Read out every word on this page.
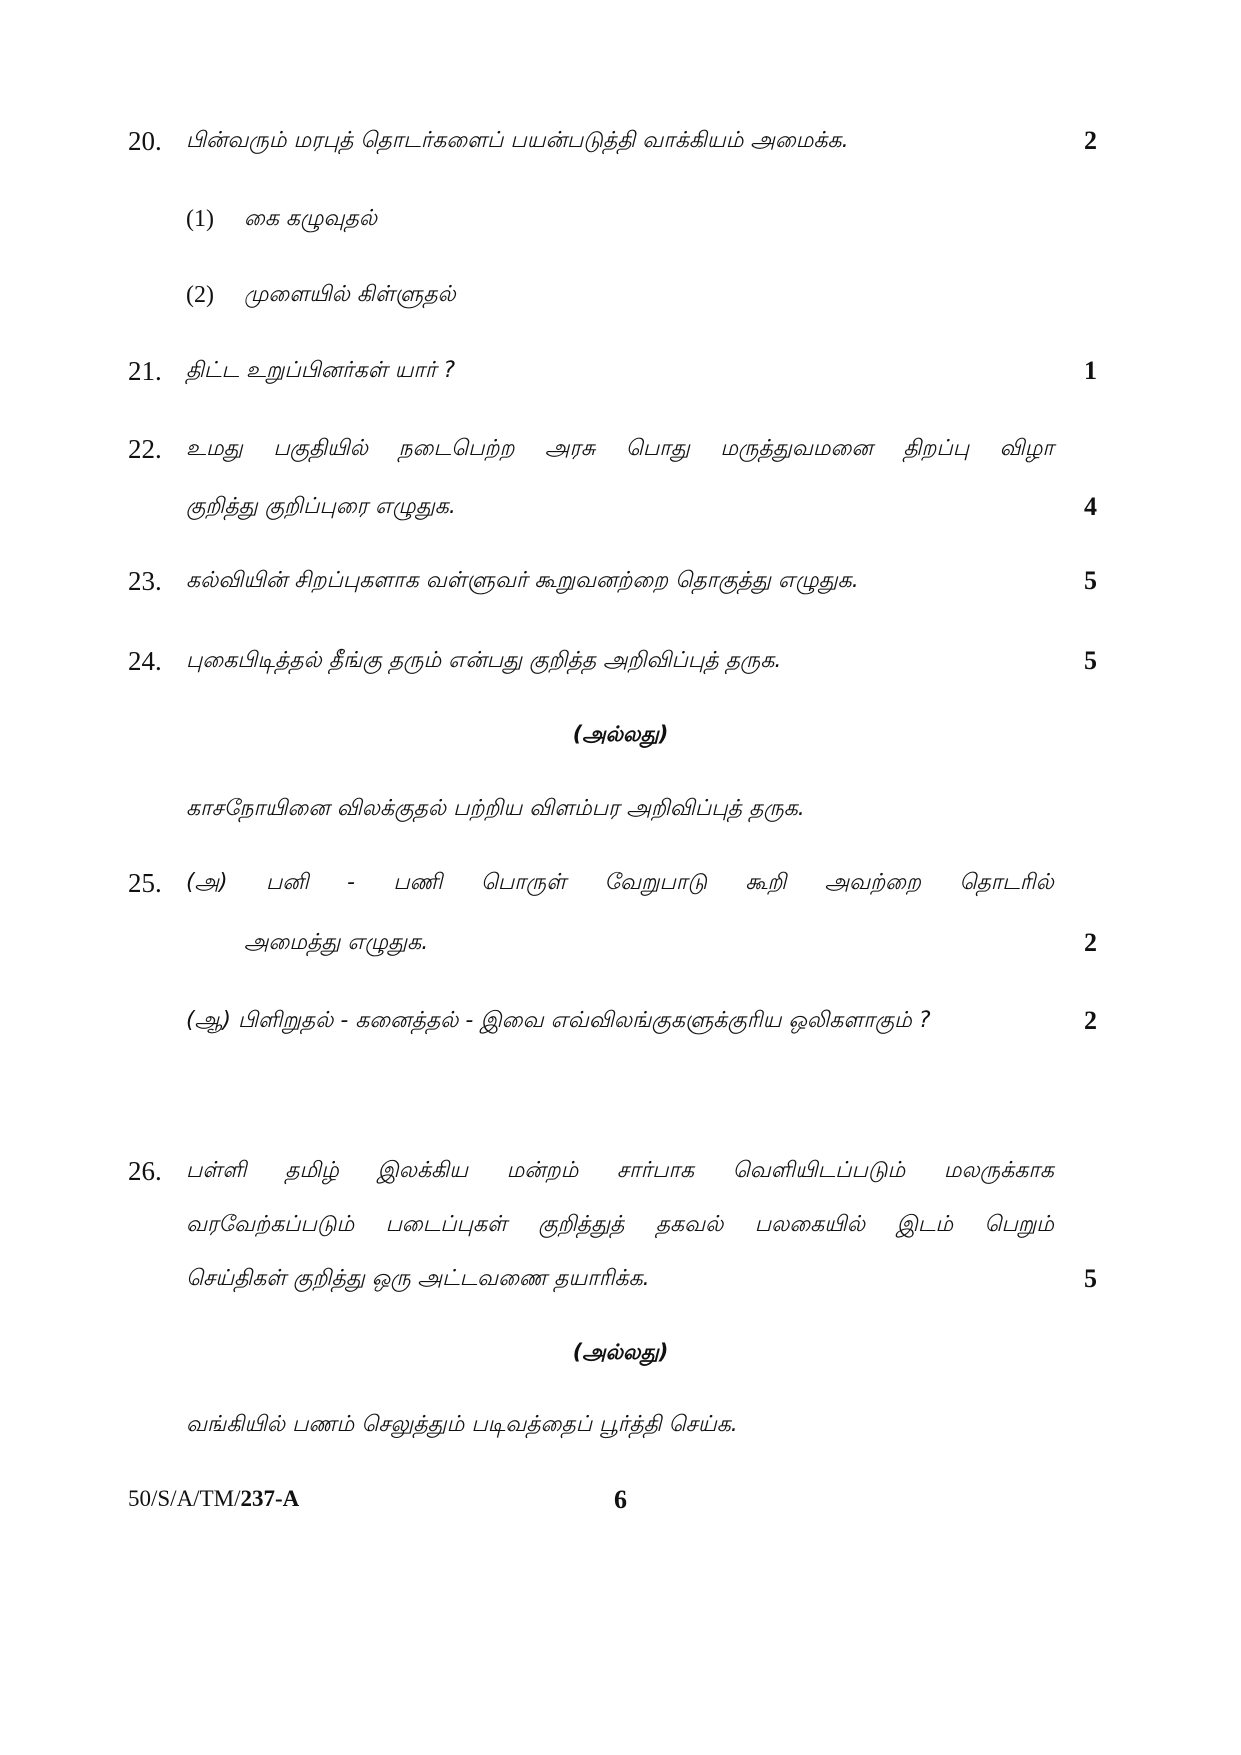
20. பின்வரும் மரபுத் தொடர்களைப் பயன்படுத்தி வாக்கியம் அமைக்க.	2
(1) கை கழுவுதல்
(2) முளையில் கிள்ளுதல்
21. திட்ட உறுப்பினர்கள் யார் ?	1
22. உமது பகுதியில் நடைபெற்ற அரசு பொது மருத்துவமனை திறப்பு விழா
குறித்து குறிப்புரை எழுதுக.	4
23. கல்வியின் சிறப்புகளாக வள்ளுவர் கூறுவனற்றை தொகுத்து எழுதுக.	5
24. புகைபிடித்தல் தீங்கு தரும் என்பது குறித்த அறிவிப்புத் தருக.	5
(அல்லது)
காசநோயினை விலக்குதல் பற்றிய விளம்பர அறிவிப்புத் தருக.
25. (அ) பனி - பணி பொருள் வேறுபாடு கூறி அவற்றை தொடரில்
அமைத்து எழுதுக.	2
(ஆ) பிளிறுதல் - கனைத்தல் - இவை எவ்விலங்குகளுக்குரிய ஒலிகளாகும் ?	2
26. பள்ளி தமிழ் இலக்கிய மன்றம் சார்பாக வெளியிடப்படும் மலருக்காக
வரவேற்கப்படும் படைப்புகள் குறித்துத் தகவல் பலகையில் இடம் பெறும்
செய்திகள் குறித்து ஒரு அட்டவணை தயாரிக்க.	5
(அல்லது)
வங்கியில் பணம் செலுத்தும் படிவத்தைப் பூர்த்தி செய்க.
50/S/A/TM/237-A	6
